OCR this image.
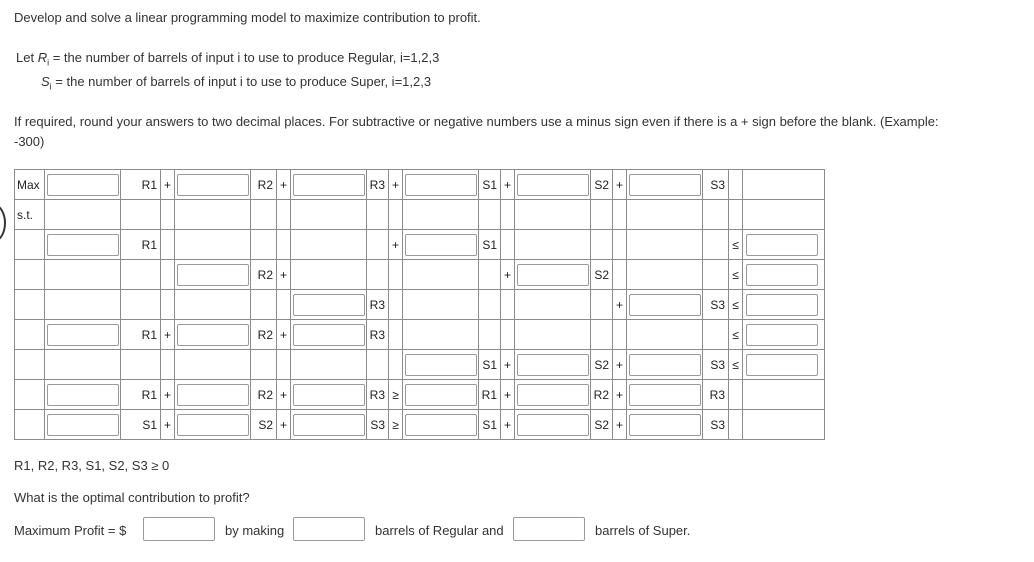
Develop and solve a linear programming model to maximize contribution to profit.
Let $R_i$ = the number of barrels of input i to use to produce Regular, i=1,2,3
$S_i$ = the number of barrels of input i to use to produce Super, i=1,2,3
If required, round your answers to two decimal places. For subtractive or negative numbers use a minus sign even if there is a + sign before the blank. (Example:
-300)
Max		R1	+		R2	+		R3	+		S1	+		S2	+		S3		
s.t.																			

	R1							+		S1							≤	

	R2	+						+		S2				≤	

	R3							+		S3	≤	

	R1	+		R2	+		R3										≤	

	S1	+		S2	+		S3	≤	

	R1	+		R2	+		R3	≥		R1	+		R2	+		R3		

	S1	+		S2	+		S3	≥		S1	+		S2	+		S3		
R1, R2, R3, S1, S2, S3 ≥ 0
What is the optimal contribution to profit?
Maximum Profit = $	by making	barrels of Regular and	barrels of Super.
